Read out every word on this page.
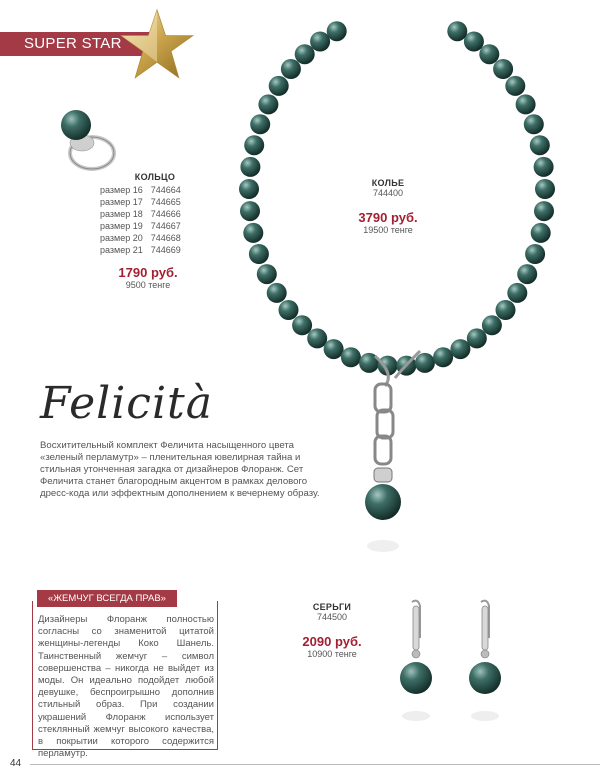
SUPER STAR
КОЛЬЦО
размер 16	744664
размер 17	744665
размер 18	744666
размер 19	744667
размер 20	744668
размер 21	744669
1790 руб.
9500 тенге
КОЛЬЕ
744400
3790 руб.
19500 тенге
Felicità
Восхитительный комплект Феличита насыщенного цвета «зеленый перламутр» – пленительная ювелирная тайна и стильная утонченная загадка от дизайнеров Флоранж. Сет Феличита станет благородным акцентом в рамках делового дресс-кода или эффектным дополнением к вечернему образу.
«ЖЕМЧУГ ВСЕГДА ПРАВ»
Дизайнеры Флоранж полностью согласны со знаменитой цитатой женщины-легенды Коко Шанель. Таинственный жемчуг – символ совершенства – никогда не выйдет из моды. Он идеально подойдет любой девушке, беспроигрышно дополнив стильный образ. При создании украшений Флоранж использует стеклянный жемчуг высокого качества, в покрытии которого содержится перламутр.
СЕРЬГИ
744500
2090 руб.
10900 тенге
44
